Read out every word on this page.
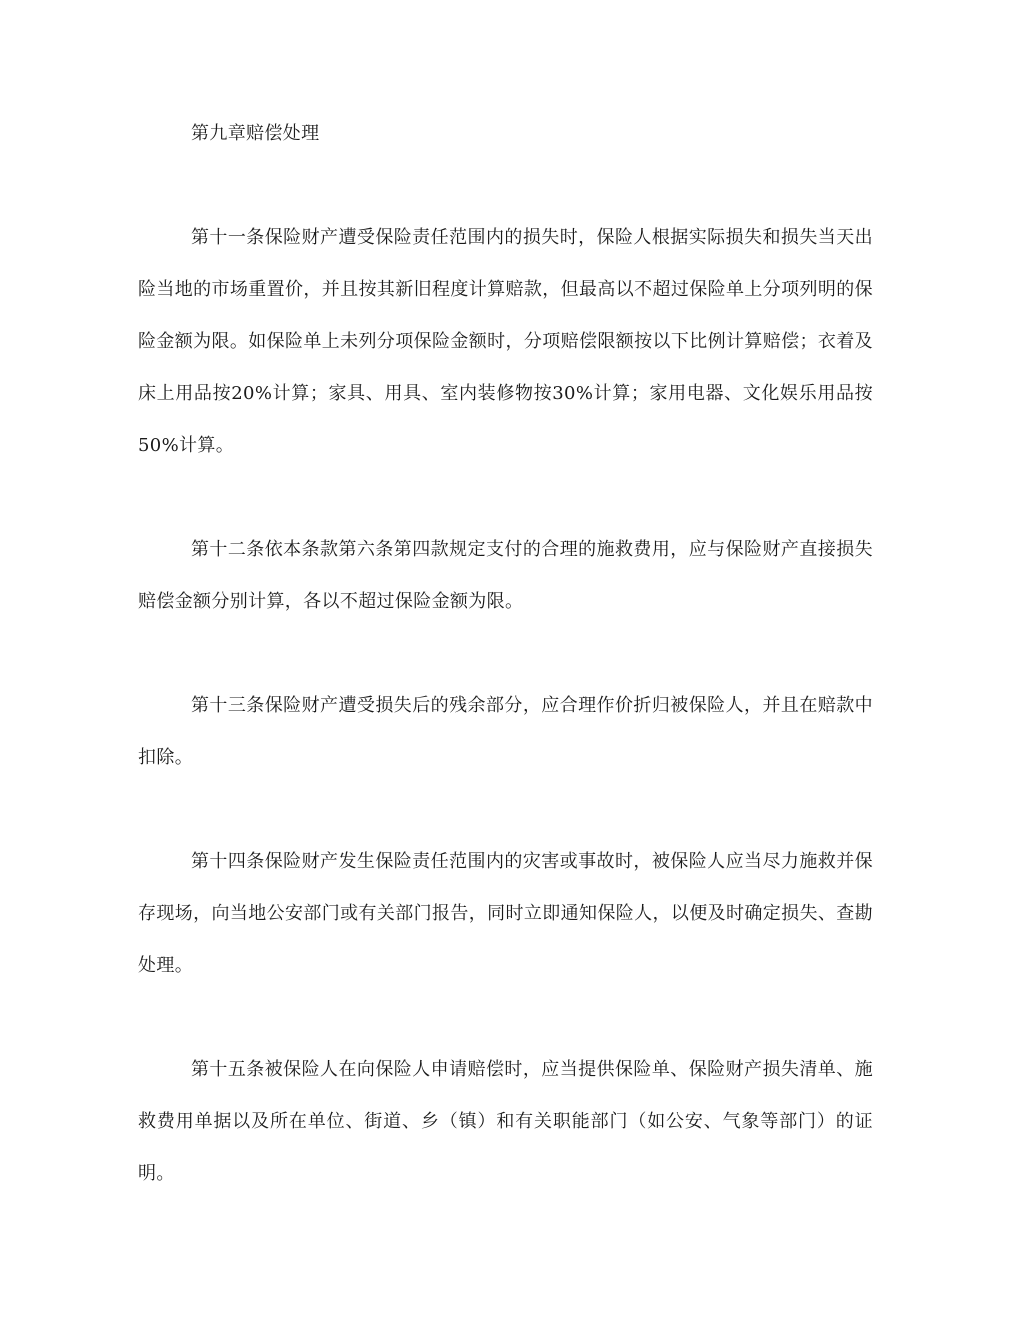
第九章赔偿处理

第十一条保险财产遭受保险责任范围内的损失时，保险人根据实际损失和损失当天出险当地的市场重置价，并且按其新旧程度计算赔款，但最高以不超过保险单上分项列明的保险金额为限。如保险单上未列分项保险金额时，分项赔偿限额按以下比例计算赔偿；衣着及床上用品按20%计算；家具、用具、室内装修物按30%计算；家用电器、文化娱乐用品按50%计算。

第十二条依本条款第六条第四款规定支付的合理的施救费用，应与保险财产直接损失赔偿金额分别计算，各以不超过保险金额为限。

第十三条保险财产遭受损失后的残余部分，应合理作价折归被保险人，并且在赔款中扣除。

第十四条保险财产发生保险责任范围内的灾害或事故时，被保险人应当尽力施救并保存现场，向当地公安部门或有关部门报告，同时立即通知保险人，以便及时确定损失、查勘处理。

第十五条被保险人在向保险人申请赔偿时，应当提供保险单、保险财产损失清单、施救费用单据以及所在单位、街道、乡（镇）和有关职能部门（如公安、气象等部门）的证明。
